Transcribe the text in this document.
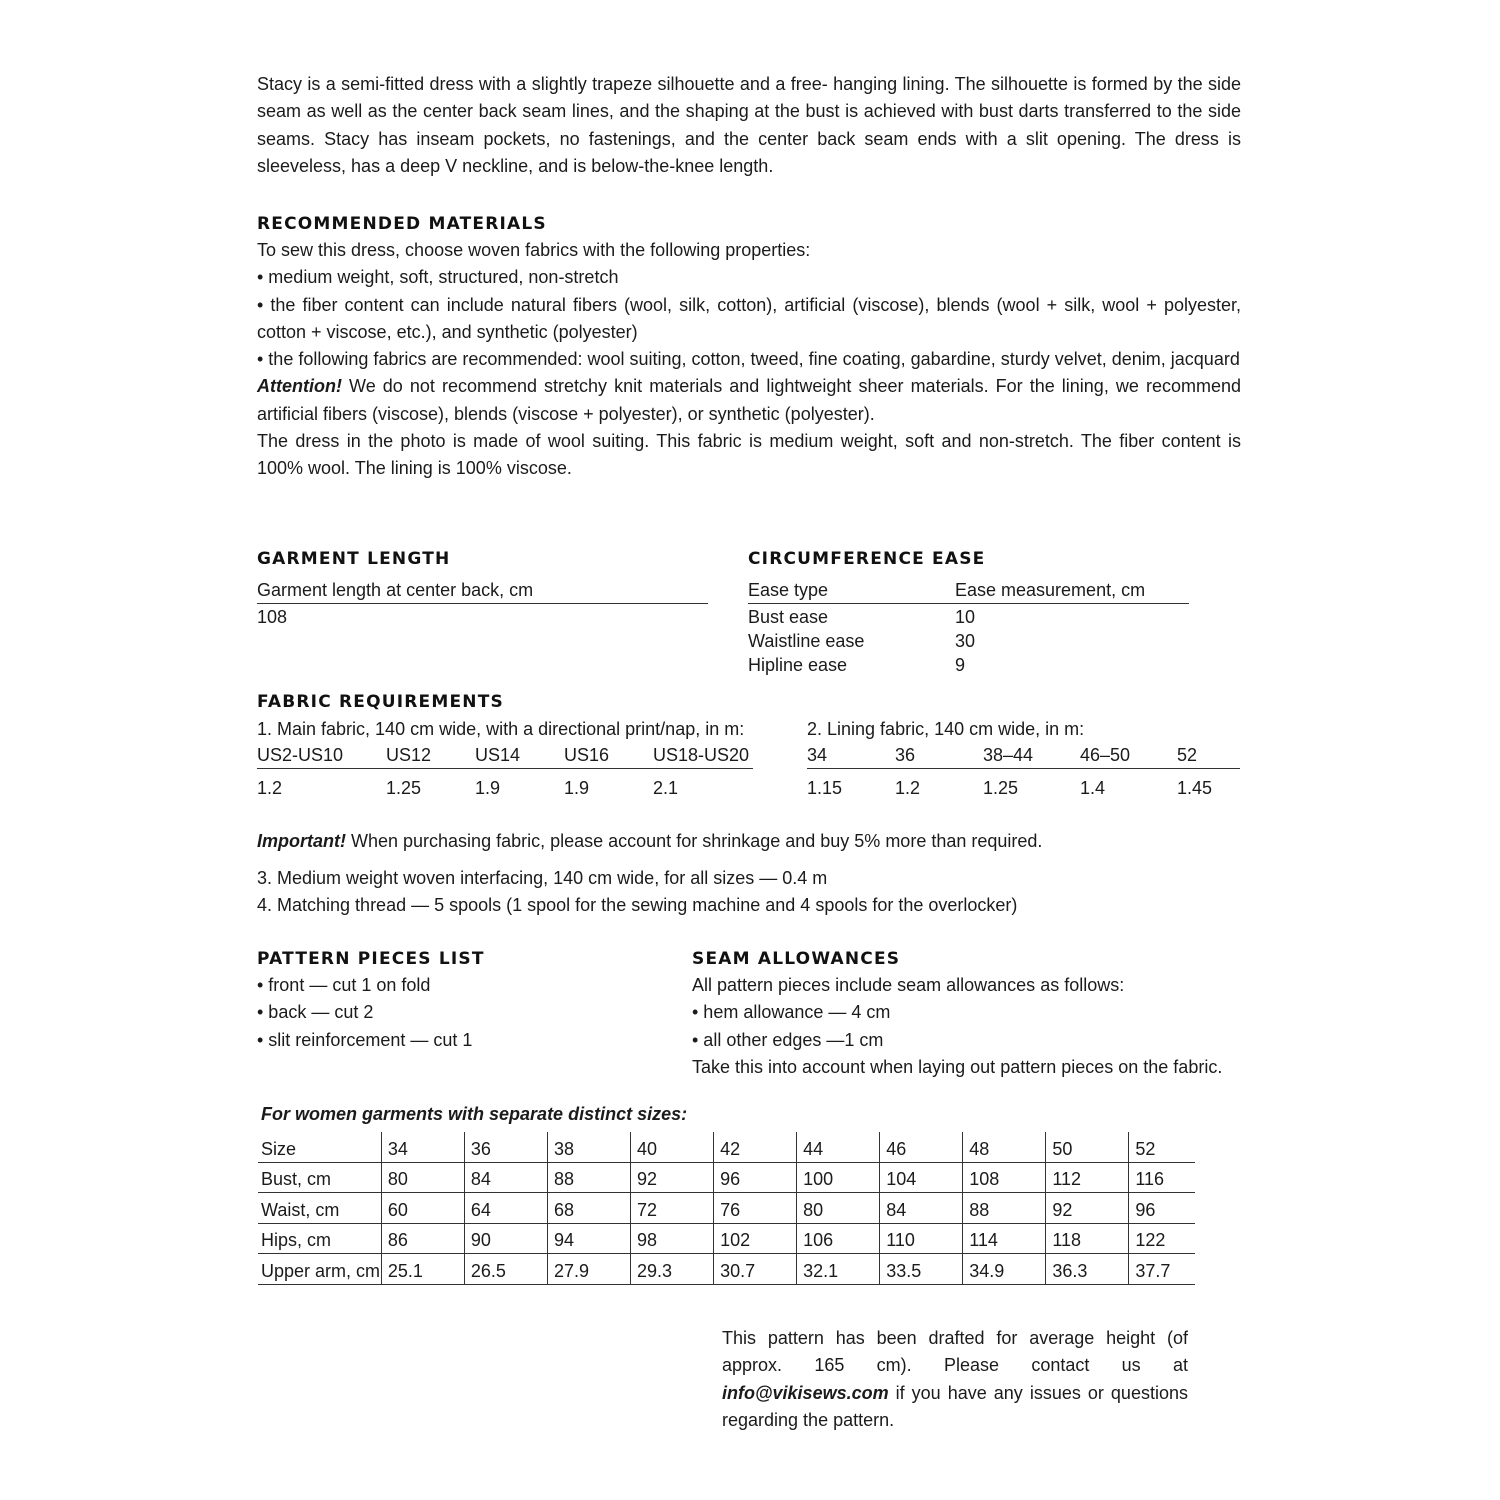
Stacy is a semi-fitted dress with a slightly trapeze silhouette and a free- hanging lining. The silhouette is formed by the side seam as well as the center back seam lines, and the shaping at the bust is achieved with bust darts transferred to the side seams. Stacy has inseam pockets, no fastenings, and the center back seam ends with a slit opening. The dress is sleeveless, has a deep V neckline, and is below-the-knee length.

RECOMMENDED MATERIALS

To sew this dress, choose woven fabrics with the following properties:

• medium weight, soft, structured, non-stretch

• the fiber content can include natural fibers (wool, silk, cotton), artificial (viscose), blends (wool + silk, wool + polyester, cotton + viscose, etc.), and synthetic (polyester)

• the following fabrics are recommended: wool suiting, cotton, tweed, fine coating, gabardine, sturdy velvet, denim, jacquard

Attention! We do not recommend stretchy knit materials and lightweight sheer materials. For the lining, we recommend artificial fibers (viscose), blends (viscose + polyester), or synthetic (polyester).

The dress in the photo is made of wool suiting. This fabric is medium weight, soft and non-stretch. The fiber content is 100% wool. The lining is 100% viscose.

GARMENT LENGTH
Garment length at center back, cm
108
CIRCUMFERENCE EASE
Ease type	Ease measurement, cm
Bust ease	10
Waistline ease	30
Hipline ease	9
FABRIC REQUIREMENTS

1. Main fabric, 140 cm wide, with a directional print/nap, in m:

US2-US10	US12	US14	US16	US18-US20
1.2	1.25	1.9	1.9	2.1

2. Lining fabric, 140 cm wide, in m:

34	36	38–44	46–50	52
1.15	1.2	1.25	1.4	1.45

Important! When purchasing fabric, please account for shrinkage and buy 5% more than required.

3. Medium weight woven interfacing, 140 cm wide, for all sizes — 0.4 m

4. Matching thread — 5 spools (1 spool for the sewing machine and 4 spools for the overlocker)

PATTERN PIECES LIST

• front — cut 1 on fold

• back — cut 2

• slit reinforcement — cut 1

SEAM ALLOWANCES

All pattern pieces include seam allowances as follows:

• hem allowance — 4 cm

• all other edges —1 cm

Take this into account when laying out pattern pieces on the fabric.

For women garments with separate distinct sizes:

Size	34	36	38	40	42	44	46	48	50	52
Bust, cm	80	84	88	92	96	100	104	108	112	116
Waist, cm	60	64	68	72	76	80	84	88	92	96
Hips, cm	86	90	94	98	102	106	110	114	118	122
Upper arm, cm	25.1	26.5	27.9	29.3	30.7	32.1	33.5	34.9	36.3	37.7
This pattern has been drafted for average height (of approx. 165 cm). Please contact us at info@vikisews.com if you have any issues or questions regarding the pattern.
